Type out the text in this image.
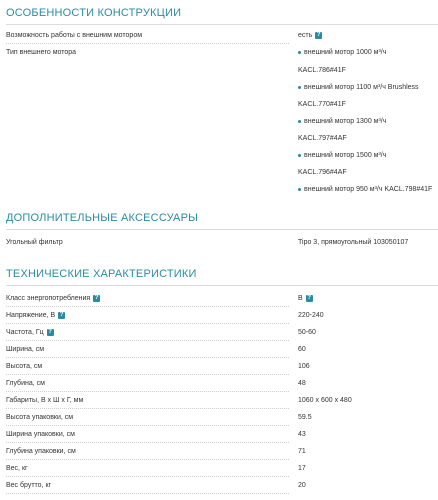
ОСОБЕННОСТИ КОНСТРУКЦИИ
Возможность работы с внешним мотором	есть ?
Тип внешнего мотора	внешний мотор 1000 м³/ч
KACL.786#41F
внешний мотор 1100 м³/ч Brushless
KACL.770#41F
внешний мотор 1300 м³/ч
KACL.797#4AF
внешний мотор 1500 м³/ч
KACL.796#4AF
внешний мотор 950 м³/ч KACL.798#41F
ДОПОЛНИТЕЛЬНЫЕ АКСЕССУАРЫ
Угольный фильтр	Tipo 3, прямоугольный 103050107
ТЕХНИЧЕСКИЕ ХАРАКТЕРИСТИКИ
Класс энергопотребления ?	B ?
Напряжение, В ?	220-240
Частота, Гц ?	50-60
Ширина, см	60
Высота, см	106
Глубина, см	48
Габариты, В х Ш х Г, мм	1060 x 600 x 480
Высота упаковки, см	59.5
Ширина упаковки, см	43
Глубина упаковки, см	71
Вес, кг	17
Вес брутто, кг	20
